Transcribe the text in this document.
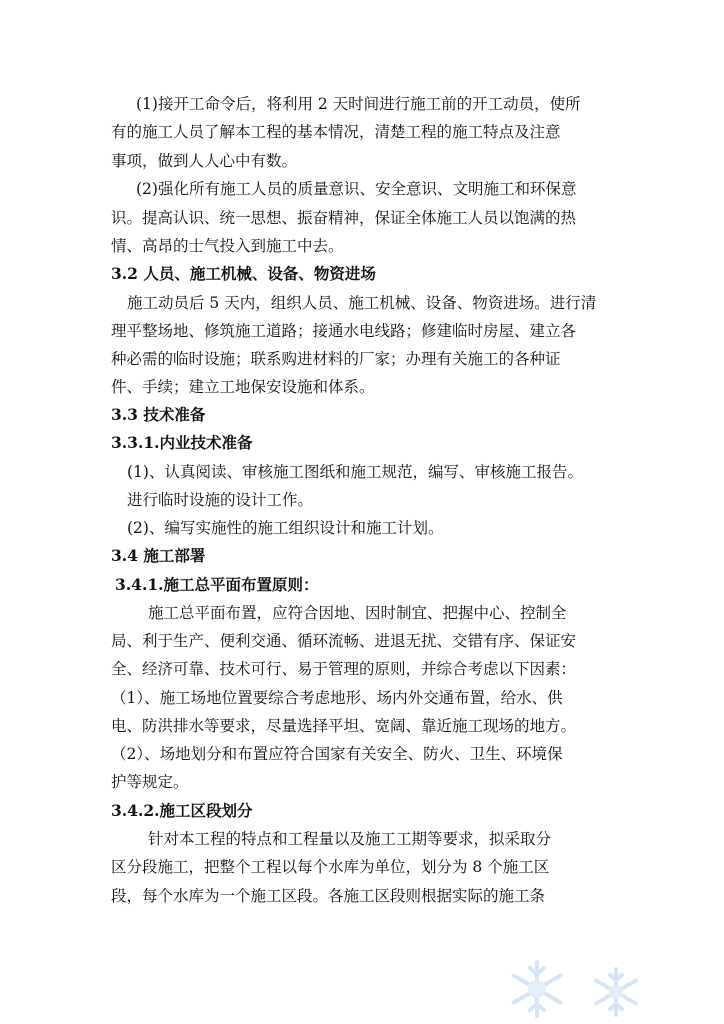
(1)接开工命令后，将利用 2 天时间进行施工前的开工动员，使所
有的施工人员了解本工程的基本情况，清楚工程的施工特点及注意
事项，做到人人心中有数。
(2)强化所有施工人员的质量意识、安全意识、文明施工和环保意
识。提高认识、统一思想、振奋精神，保证全体施工人员以饱满的热
情、高昂的士气投入到施工中去。
3.2 人员、施工机械、设备、物资进场
施工动员后 5 天内，组织人员、施工机械、设备、物资进场。进行清
理平整场地、修筑施工道路；接通水电线路；修建临时房屋、建立各
种必需的临时设施；联系购进材料的厂家；办理有关施工的各种证
件、手续；建立工地保安设施和体系。
3.3 技术准备
3.3.1.内业技术准备
(1)、认真阅读、审核施工图纸和施工规范，编写、审核施工报告。
进行临时设施的设计工作。
(2)、编写实施性的施工组织设计和施工计划。
3.4 施工部署
3.4.1.施工总平面布置原则：
施工总平面布置，应符合因地、因时制宜、把握中心、控制全
局、利于生产、便利交通、循环流畅、进退无扰、交错有序、保证安
全、经济可靠、技术可行、易于管理的原则，并综合考虑以下因素：
（1）、施工场地位置要综合考虑地形、场内外交通布置，给水、供
电、防洪排水等要求，尽量选择平坦、宽阔、靠近施工现场的地方。
（2）、场地划分和布置应符合国家有关安全、防火、卫生、环境保
护等规定。
3.4.2.施工区段划分
针对本工程的特点和工程量以及施工工期等要求，拟采取分
区分段施工，把整个工程以每个水库为单位，划分为 8 个施工区
段，每个水库为一个施工区段。各施工区段则根据实际的施工条
